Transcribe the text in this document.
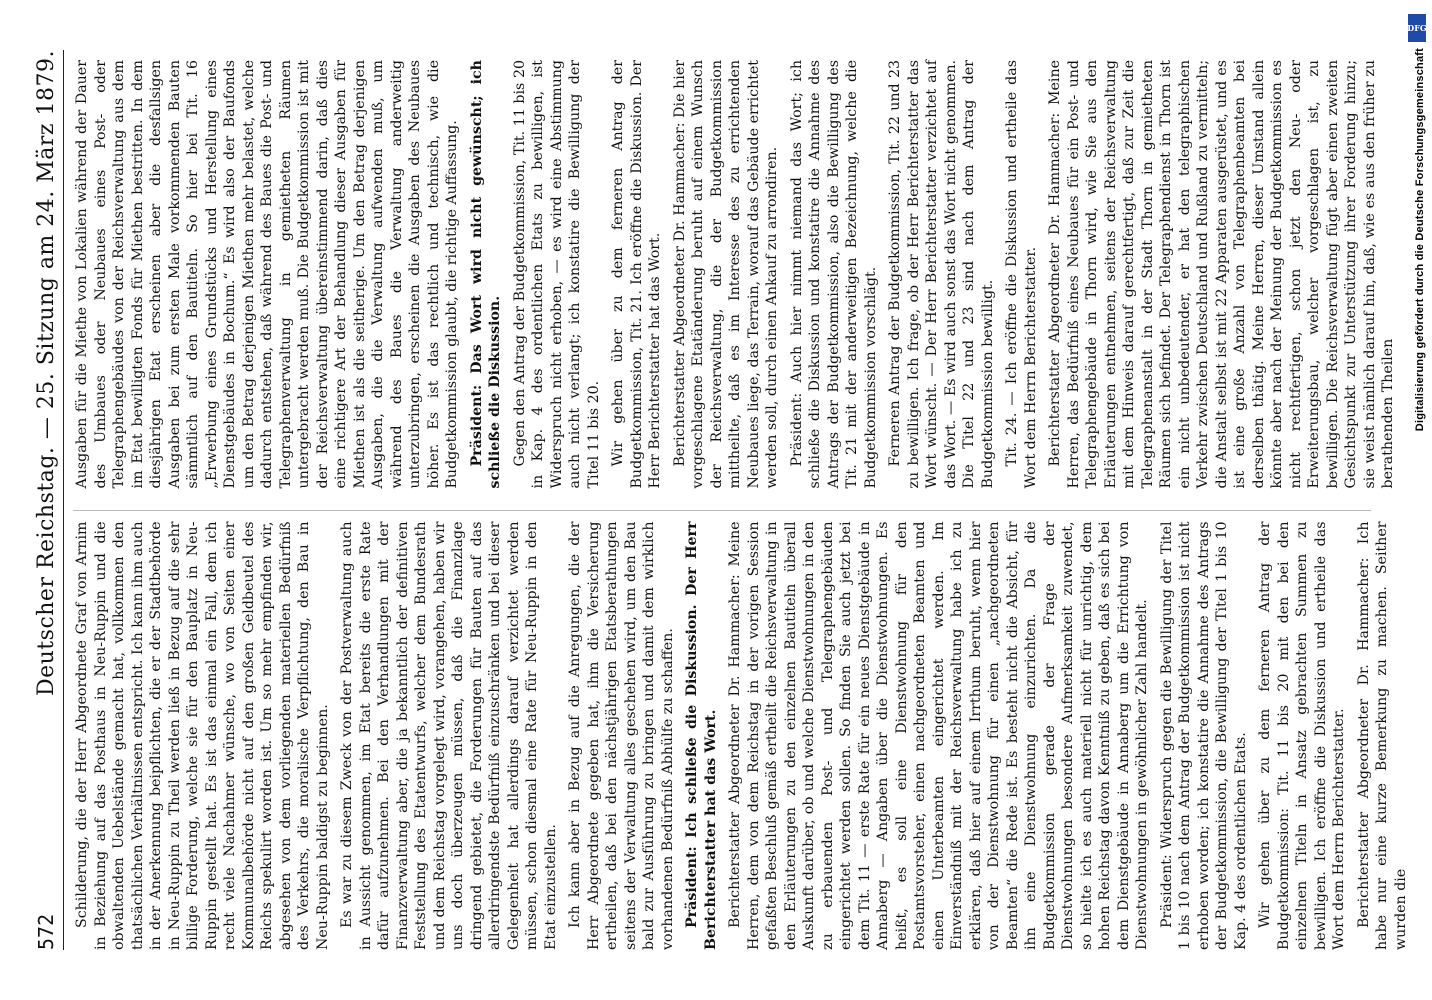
572
Deutscher Reichstag. — 25. Sitzung am 24. März 1879.

Schilderung, die der Herr Abgeordnete Graf von Arnim in Beziehung auf das Posthaus in Neu-Ruppin und die obwaltenden Uebelstände gemacht hat, vollkommen den thatsächlichen Verhältnissen entspricht. Ich kann ihm auch in der Anerkennung beipflichten, die er der Stadtbehörde in Neu-Ruppin zu Theil werden ließ in Bezug auf die sehr billige Forderung, welche sie für den Bauplatz in Neu-Ruppin gestellt hat. Es ist das einmal ein Fall, dem ich recht viele Nachahmer wünsche, wo von Seiten einer Kommunalbehörde nicht auf den großen Geldbeutel des Reichs spekulirt worden ist. Um so mehr empfinden wir, abgesehen von dem vorliegenden materiellen Bedürfniß des Verkehrs, die moralische Verpflichtung, den Bau in Neu-Ruppin baldigst zu beginnen. Es war zu diesem Zweck von der Postverwaltung auch in Aussicht genommen, im Etat bereits die erste Rate dafür aufzunehmen. Bei den Verhandlungen mit der Finanzverwaltung aber, die ja bekanntlich der definitiven Feststellung des Etatentwurfs, welcher dem Bundesrath und dem Reichstag vorgelegt wird, vorangehen, haben wir uns doch überzeugen müssen, daß die Finanzlage dringend gebietet, die Forderungen für Bauten auf das allerdringendste Bedürfniß einzuschränken und bei dieser Gelegenheit hat allerdings darauf verzichtet werden müssen, schon diesmal eine Rate für Neu-Ruppin in den Etat einzustellen. Ich kann aber in Bezug auf die Anregungen, die der Herr Abgeordnete gegeben hat, ihm die Versicherung ertheilen, daß bei den nächstjährigen Etatsberathungen seitens der Verwaltung alles geschehen wird, um den Bau bald zur Ausführung zu bringen und damit dem wirklich vorhandenen Bedürfniß Abhülfe zu schaffen. Präsident: Ich schließe die Diskussion. Der Herr Berichterstatter hat das Wort. Berichterstatter Abgeordneter Dr. Hammacher: Meine Herren, dem von dem Reichstag in der vorigen Session gefaßten Beschluß gemäß ertheilt die Reichsverwaltung in den Erläuterungen zu den einzelnen Bautiteln überall Auskunft darüber, ob und welche Dienstwohnungen in den zu erbauenden Post- und Telegraphengebäuden eingerichtet werden sollen. So finden Sie auch jetzt bei dem Tit. 11 — erste Rate für ein neues Dienstgebäude in Annaberg — Angaben über die Dienstwohnungen. Es heißt, es soll eine Dienstwohnung für den Postamtsvorsteher, einen nachgeordneten Beamten und einen Unterbeamten eingerichtet werden. Im Einverständniß mit der Reichsverwaltung habe ich zu erklären, daß hier auf einem Irrthum beruht, wenn hier von der Dienstwohnung für einen „nachgeordneten Beamten“ die Rede ist. Es besteht nicht die Absicht, für ihn eine Dienstwohnung einzurichten. Da die Budgetkommission gerade der Frage der Dienstwohnungen besondere Aufmerksamkeit zuwendet, so hielte ich es auch materiell nicht für unrichtig, dem hohen Reichstag davon Kenntniß zu geben, daß es sich bei dem Dienstgebäude in Annaberg um die Errichtung von Dienstwohnungen in gewöhnlicher Zahl handelt. Präsident: Widerspruch gegen die Bewilligung der Titel 1 bis 10 nach dem Antrag der Budgetkommission ist nicht erhoben worden; ich konstatire die Annahme des Antrags der Budgetkommission, die Bewilligung der Titel 1 bis 10 Kap. 4 des ordentlichen Etats. Wir gehen über zu dem ferneren Antrag der Budgetkommission: Tit. 11 bis 20 mit den bei den einzelnen Titeln in Ansatz gebrachten Summen zu bewilligen. Ich eröffne die Diskussion und ertheile das Wort dem Herrn Berichterstatter. Berichterstatter Abgeordneter Dr. Hammacher: Ich habe nur eine kurze Bemerkung zu machen. Seither wurden die

Ausgaben für die Miethe von Lokalien während der Dauer des Umbaues oder Neubaues eines Post- oder Telegraphengebäudes von der Reichsverwaltung aus dem im Etat bewilligten Fonds für Miethen bestritten. In dem diesjährigen Etat erscheinen aber die desfallsigen Ausgaben bei zum ersten Male vorkommenden Bauten sämmtlich auf den Bautiteln. So hier bei Tit. 16 „Erwerbung eines Grundstücks und Herstellung eines Dienstgebäudes in Bochum.“ Es wird also der Baufonds um den Betrag derjenigen Miethen mehr belastet, welche dadurch entstehen, daß während des Baues die Post- und Telegraphenverwaltung in gemietheten Räumen untergebracht werden muß. Die Budgetkommission ist mit der Reichsverwaltung übereinstimmend darin, daß dies eine richtigere Art der Behandlung dieser Ausgaben für Miethen ist als die seitherige. Um den Betrag derjenigen Ausgaben, die die Verwaltung aufwenden muß, um während des Baues die Verwaltung anderweitig unterzubringen, erscheinen die Ausgaben des Neubaues höher. Es ist das rechtlich und technisch, wie die Budgetkommission glaubt, die richtige Auffassung. Präsident: Das Wort wird nicht gewünscht; ich schließe die Diskussion. Gegen den Antrag der Budgetkommission, Tit. 11 bis 20 in Kap. 4 des ordentlichen Etats zu bewilligen, ist Widerspruch nicht erhoben, — es wird eine Abstimmung auch nicht verlangt; ich konstatire die Bewilligung der Titel 11 bis 20. Wir gehen über zu dem ferneren Antrag der Budgetkommission, Tit. 21. Ich eröffne die Diskussion. Der Herr Berichterstatter hat das Wort. Berichterstatter Abgeordneter Dr. Hammacher: Die hier vorgeschlagene Etatänderung beruht auf einem Wunsch der Reichsverwaltung, die der Budgetkommission mittheilte, daß es im Interesse des zu errichtenden Neubaues liege, das Terrain, worauf das Gebäude errichtet werden soll, durch einen Ankauf zu arrondiren. Präsident: Auch hier nimmt niemand das Wort; ich schließe die Diskussion und konstatire die Annahme des Antrags der Budgetkommission, also die Bewilligung des Tit. 21 mit der anderweitigen Bezeichnung, welche die Budgetkommission vorschlägt. Ferneren Antrag der Budgetkommission, Tit. 22 und 23 zu bewilligen. Ich frage, ob der Herr Berichterstatter das Wort wünscht. — Der Herr Berichterstatter verzichtet auf das Wort. — Es wird auch sonst das Wort nicht genommen. Die Titel 22 und 23 sind nach dem Antrag der Budgetkommission bewilligt. Tit. 24. — Ich eröffne die Diskussion und ertheile das Wort dem Herrn Berichterstatter. Berichterstatter Abgeordneter Dr. Hammacher: Meine Herren, das Bedürfniß eines Neubaues für ein Post- und Telegraphengebäude in Thorn wird, wie Sie aus den Erläuterungen entnehmen, seitens der Reichsverwaltung mit dem Hinweis darauf gerechtfertigt, daß zur Zeit die Telegraphenanstalt in der Stadt Thorn in gemietheten Räumen sich befindet. Der Telegraphendienst in Thorn ist ein nicht unbedeutender, er hat den telegraphischen Verkehr zwischen Deutschland und Rußland zu vermitteln; die Anstalt selbst ist mit 22 Apparaten ausgerüstet, und es ist eine große Anzahl von Telegraphenbeamten bei derselben thätig. Meine Herren, dieser Umstand allein könnte aber nach der Meinung der Budgetkommission es nicht rechtfertigen, schon jetzt den Neu- oder Erweiterungsbau, welcher vorgeschlagen ist, zu bewilligen. Die Reichsverwaltung fügt aber einen zweiten Gesichtspunkt zur Unterstützung ihrer Forderung hinzu; sie weist nämlich darauf hin, daß, wie es aus den früher zu berathenden Theilen

DFG
Digitalisierung gefördert durch die Deutsche Forschungsgemeinschaft
